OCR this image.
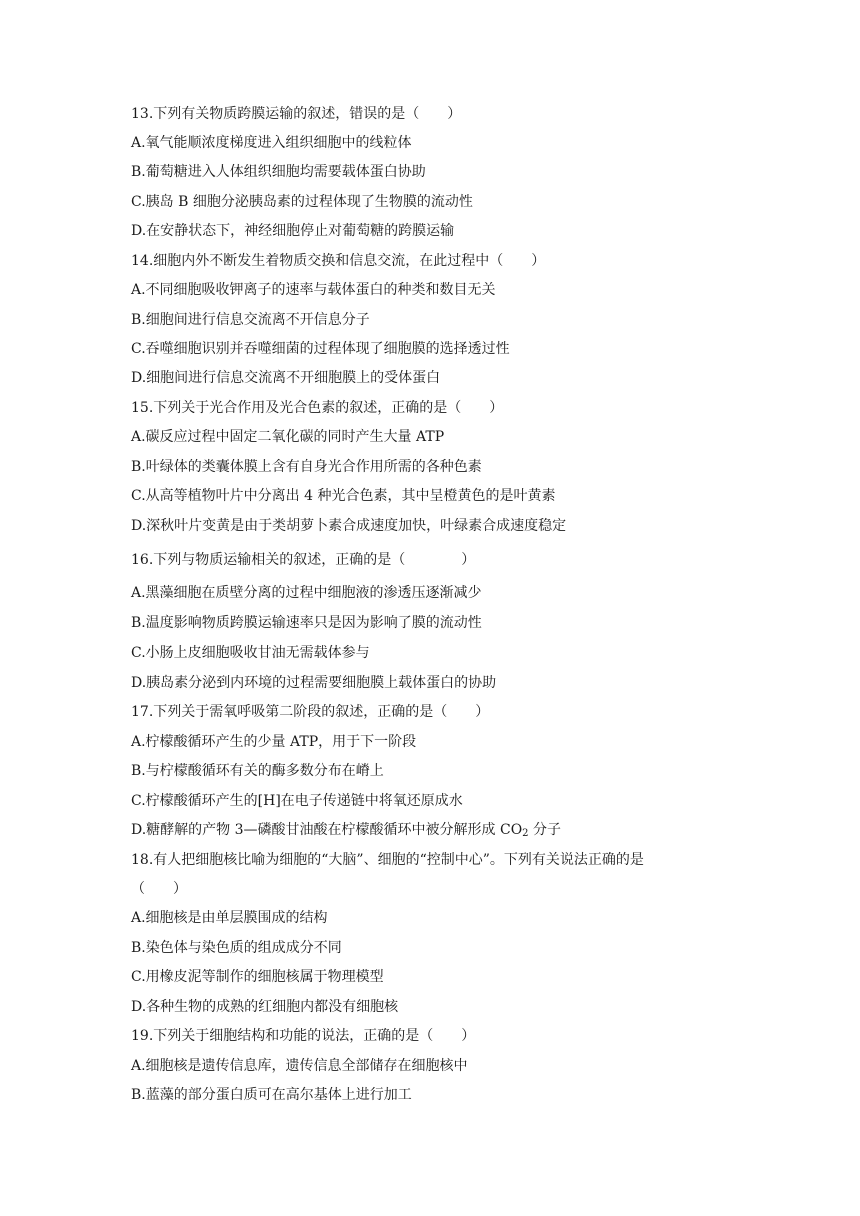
13.下列有关物质跨膜运输的叙述，错误的是（　　）
A.氧气能顺浓度梯度进入组织细胞中的线粒体
B.葡萄糖进入人体组织细胞均需要载体蛋白协助
C.胰岛 B 细胞分泌胰岛素的过程体现了生物膜的流动性
D.在安静状态下，神经细胞停止对葡萄糖的跨膜运输
14.细胞内外不断发生着物质交换和信息交流，在此过程中（　　）
A.不同细胞吸收钾离子的速率与载体蛋白的种类和数目无关
B.细胞间进行信息交流离不开信息分子
C.吞噬细胞识别并吞噬细菌的过程体现了细胞膜的选择透过性
D.细胞间进行信息交流离不开细胞膜上的受体蛋白
15.下列关于光合作用及光合色素的叙述，正确的是（　　）
A.碳反应过程中固定二氧化碳的同时产生大量 ATP
B.叶绿体的类囊体膜上含有自身光合作用所需的各种色素
C.从高等植物叶片中分离出 4 种光合色素，其中呈橙黄色的是叶黄素
D.深秋叶片变黄是由于类胡萝卜素合成速度加快，叶绿素合成速度稳定
16.下列与物质运输相关的叙述，正确的是（　　　　）
A.黑藻细胞在质壁分离的过程中细胞液的渗透压逐渐减少
B.温度影响物质跨膜运输速率只是因为影响了膜的流动性
C.小肠上皮细胞吸收甘油无需载体参与
D.胰岛素分泌到内环境的过程需要细胞膜上载体蛋白的协助
17.下列关于需氧呼吸第二阶段的叙述，正确的是（　　）
A.柠檬酸循环产生的少量 ATP，用于下一阶段
B.与柠檬酸循环有关的酶多数分布在嵴上
C.柠檬酸循环产生的[H]在电子传递链中将氧还原成水
D.糖酵解的产物 3—磷酸甘油酸在柠檬酸循环中被分解形成 $CO_2$ 分子
18.有人把细胞核比喻为细胞的“大脑”、细胞的“控制中心”。下列有关说法正确的是
（　　）
A.细胞核是由单层膜围成的结构
B.染色体与染色质的组成成分不同
C.用橡皮泥等制作的细胞核属于物理模型
D.各种生物的成熟的红细胞内都没有细胞核
19.下列关于细胞结构和功能的说法，正确的是（　　）
A.细胞核是遗传信息库，遗传信息全部储存在细胞核中
B.蓝藻的部分蛋白质可在高尔基体上进行加工
